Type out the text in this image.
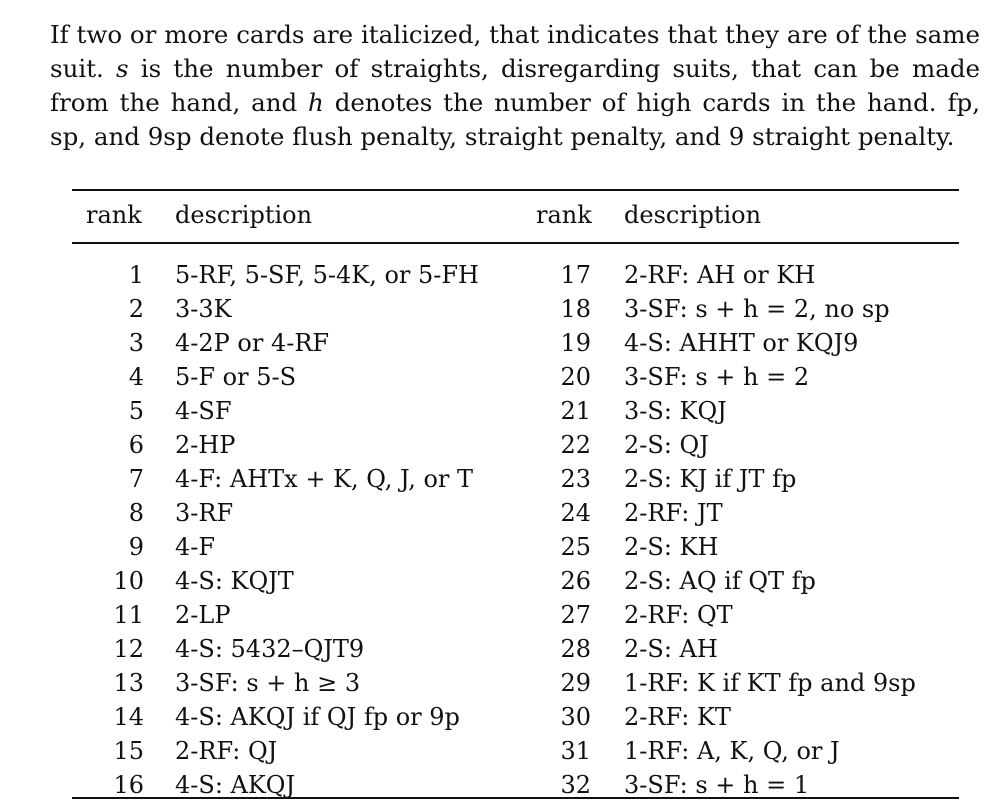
If two or more cards are italicized, that indicates that they are of the same suit. s is the number of straights, disregarding suits, that can be made from the hand, and h denotes the number of high cards in the hand. fp, sp, and 9sp denote flush penalty, straight penalty, and 9 straight penalty.
rank description	rank description
1 5-RF, 5-SF, 5-4K, or 5-FH	17 2-RF: AH or KH
2 3-3K	18 3-SF: s + h = 2, no sp
3 4-2P or 4-RF	19 4-S: AHHT or KQJ9
4 5-F or 5-S	20 3-SF: s + h = 2
5 4-SF	21 3-S: KQJ
6 2-HP	22 2-S: QJ
7 4-F: AHTx + K, Q, J, or T	23 2-S: KJ if JT fp
8 3-RF	24 2-RF: JT
9 4-F	25 2-S: KH
10 4-S: KQJT	26 2-S: AQ if QT fp
11 2-LP	27 2-RF: QT
12 4-S: 5432–QJT9	28 2-S: AH
13 3-SF: s + h ≥ 3	29 1-RF: K if KT fp and 9sp
14 4-S: AKQJ if QJ fp or 9p	30 2-RF: KT
15 2-RF: QJ	31 1-RF: A, K, Q, or J
16 4-S: AKQJ	32 3-SF: s + h = 1
